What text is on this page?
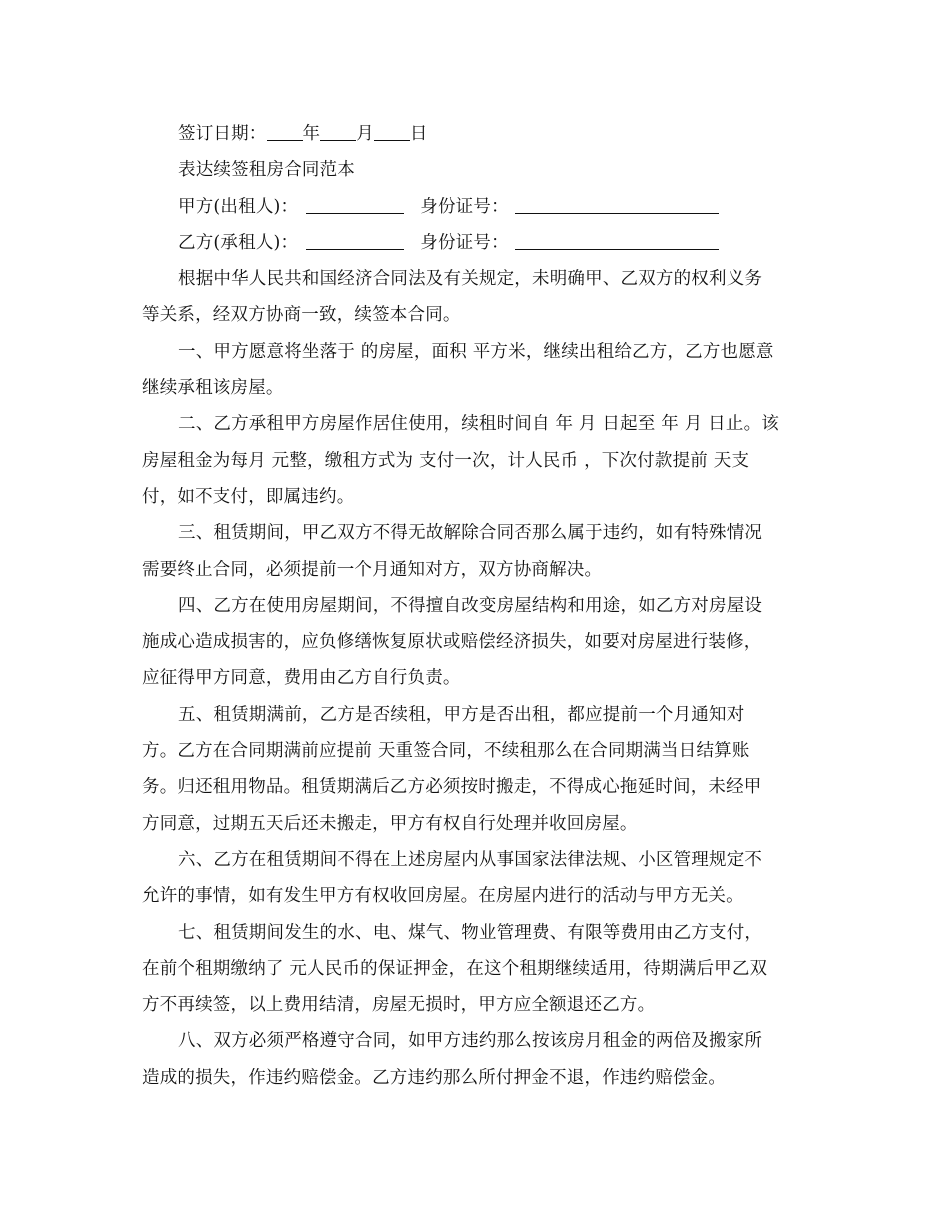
签订日期： 年 月 日
表达续签租房合同范本
甲方(出租人)：	身份证号：
乙方(承租人)：	身份证号：
根据中华人民共和国经济合同法及有关规定，未明确甲、乙双方的权利义务
等关系，经双方协商一致，续签本合同。
一、甲方愿意将坐落于 的房屋，面积 平方米，继续出租给乙方，乙方也愿意
继续承租该房屋。
二、乙方承租甲方房屋作居住使用，续租时间自 年 月 日起至 年 月 日止。该
房屋租金为每月 元整，缴租方式为 支付一次，计人民币 ，下次付款提前 天支
付，如不支付，即属违约。
三、租赁期间，甲乙双方不得无故解除合同否那么属于违约，如有特殊情况
需要终止合同，必须提前一个月通知对方，双方协商解决。
四、乙方在使用房屋期间，不得擅自改变房屋结构和用途，如乙方对房屋设
施成心造成损害的，应负修缮恢复原状或赔偿经济损失，如要对房屋进行装修，
应征得甲方同意，费用由乙方自行负责。
五、租赁期满前，乙方是否续租，甲方是否出租，都应提前一个月通知对
方。乙方在合同期满前应提前 天重签合同，不续租那么在合同期满当日结算账
务。归还租用物品。租赁期满后乙方必须按时搬走，不得成心拖延时间，未经甲
方同意，过期五天后还未搬走，甲方有权自行处理并收回房屋。
六、乙方在租赁期间不得在上述房屋内从事国家法律法规、小区管理规定不
允许的事情，如有发生甲方有权收回房屋。在房屋内进行的活动与甲方无关。
七、租赁期间发生的水、电、煤气、物业管理费、有限等费用由乙方支付，
在前个租期缴纳了 元人民币的保证押金，在这个租期继续适用，待期满后甲乙双
方不再续签，以上费用结清，房屋无损时，甲方应全额退还乙方。
八、双方必须严格遵守合同，如甲方违约那么按该房月租金的两倍及搬家所
造成的损失，作违约赔偿金。乙方违约那么所付押金不退，作违约赔偿金。
